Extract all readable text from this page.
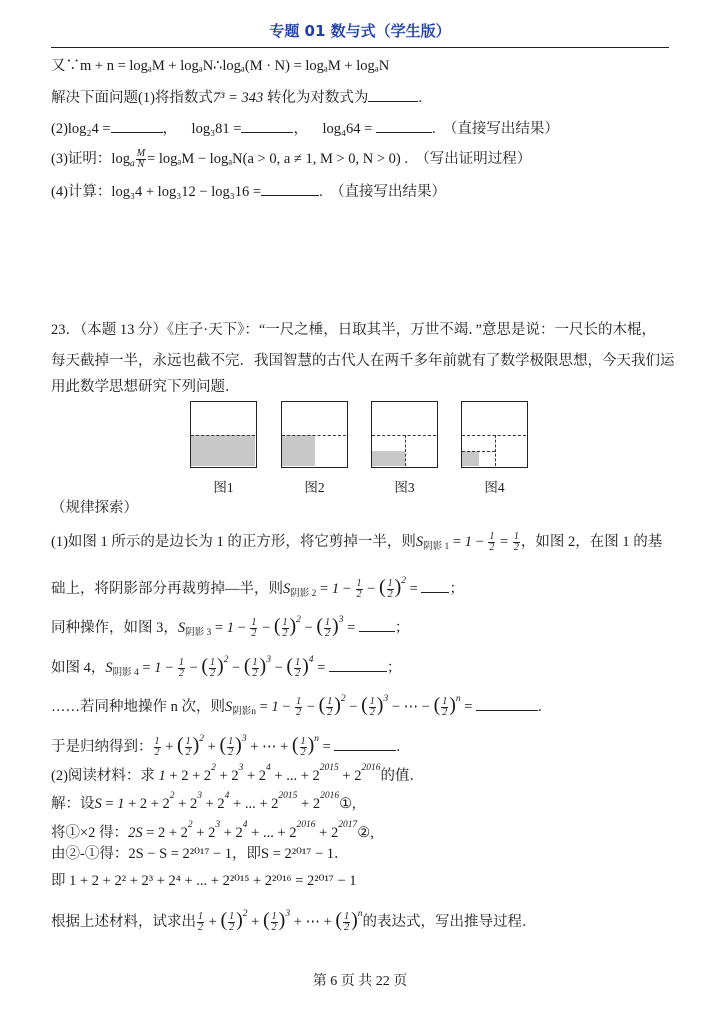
专题 01 数与式（学生版）
又∵m + n = logₐM + logₐN∴logₐ(M · N) = logₐM + logₐN
解决下面问题(1)将指数式7³ = 343 转化为对数式为	.
(2)log₂4 =	，    log₃81 =	，    log₄64 =	.  （直接写出结果）
(3)证明：$\log_a \frac{M}{N} = \log_aM - \log_aN(a > 0$, a ≠ 1, M > 0, N > 0) .  （写出证明过程）
(4)计算：log₃4 + log₃12 − log₃16 =	.  （直接写出结果）
23．（本题 13 分）《庄子·天下》：“一尺之棰，日取其半，万世不竭．”意思是说：一尺长的木棍，
每天截掉一半，永远也截不完．我国智慧的古代人在两千多年前就有了数学极限思想，今天我们运
用此数学思想研究下列问题．
图1	图2	图3	图4
（规律探索）
(1)如图 1 所示的是边长为 1 的正方形，将它剪掉一半，则$S_{阴影 1} = 1 - \frac{1}{2} = \frac{1}{2}$ ，如图 2，在图 1 的基
础上，将阴影部分再裁剪掉—半，则$S_{阴影 2} = 1 - \frac{1}{2}$ − ( $\frac{1}{2} )^2$ = ；
同种操作，如图 3，$S_{阴影 3} = 1 - \frac{1}{2}$ − ( $\frac{1}{2} )^2$ − ( $\frac{1}{2} )^3$ = ；
如图 4，$S_{阴影 4} = 1 - \frac{1}{2}$ − ( $\frac{1}{2} )^2$ − ( $\frac{1}{2} )^3$ − ( $\frac{1}{2} )^4$ =	；
……若同种地操作 n 次，则$S_{阴影n} = 1 - \frac{1}{2}$ − ( $\frac{1}{2} )^2$ − ( $\frac{1}{2} )^3$ − ⋯ − ( $\frac{1}{2} )^n$ =	.
于是归纳得到： $\frac{1}{2}$ + ( $\frac{1}{2} )^2$ + ( $\frac{1}{2} )^3$ + ⋯ + ( $\frac{1}{2} )^n$ =	.
(2)阅读材料：求 $1 + 2 + 2^2 + 2^3 + 2^4$ + ... + $2^{2015} + 2^{2016}$的值．
解：设$S = 1 + 2 + 2^2 + 2^3 + 2^4$ + ... + $2^{2015}$ + $2^{2016}①$,
将①×2 得：$2S = 2 + 2^2 + 2^3 + 2^4$ + ... + $2^{2016}$ + $2^{2017}②$,
由②-①得：2S − S = 2²⁰¹⁷ − 1，即S = 2²⁰¹⁷ − 1．
即 1 + 2 + 2² + 2³ + 2⁴ + ... + 2²⁰¹⁵ + 2²⁰¹⁶ = 2²⁰¹⁷ − 1
根据上述材料，试求出 $\frac{1}{2}$ + ( $\frac{1}{2} )^2$ + ( $\frac{1}{2} )^3$ + ⋯ + ( $\frac{1}{2} )^n$的表达式，写出推导过程．
第 6 页 共 22 页
